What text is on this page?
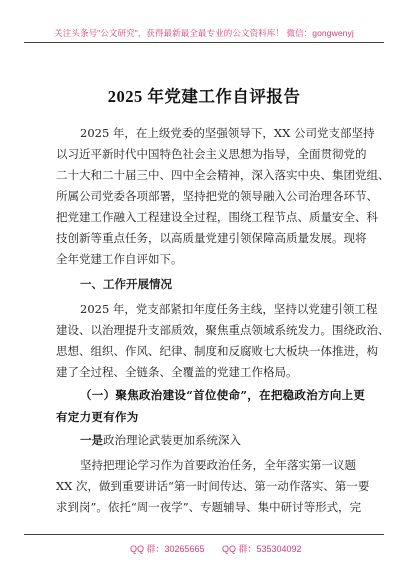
关注头条号"公文研究"，获得最新最全最专业的公文资料库！ 微信：gongwenyj
2025 年党建工作自评报告
2025 年，在上级党委的坚强领导下，XX 公司党支部坚持
以习近平新时代中国特色社会主义思想为指导，全面贯彻党的
二十大和二十届三中、四中全会精神，深入落实中央、集团党组、
所属公司党委各项部署，坚持把党的领导融入公司治理各环节、
把党建工作融入工程建设全过程，围绕工程节点、质量安全、科
技创新等重点任务，以高质量党建引领保障高质量发展。现将
全年党建工作自评如下。
一、工作开展情况
2025 年，党支部紧扣年度任务主线，坚持以党建引领工程
建设、以治理提升支部质效，聚焦重点领域系统发力。围绕政治、
思想、组织、作风、纪律、制度和反腐败七大板块一体推进，构
建了全过程、全链条、全覆盖的党建工作格局。
（一）聚焦政治建设“首位使命”，在把稳政治方向上更
有定力更有作为
一是政治理论武装更加系统深入
坚持把理论学习作为首要政治任务，全年落实第一议题
XX 次，做到重要讲话“第一时间传达、第一动作落实、第一要
求到岗”。依托“周一夜学”、专题辅导、集中研讨等形式，完
QQ 群：30265665 QQ 群：535304092
